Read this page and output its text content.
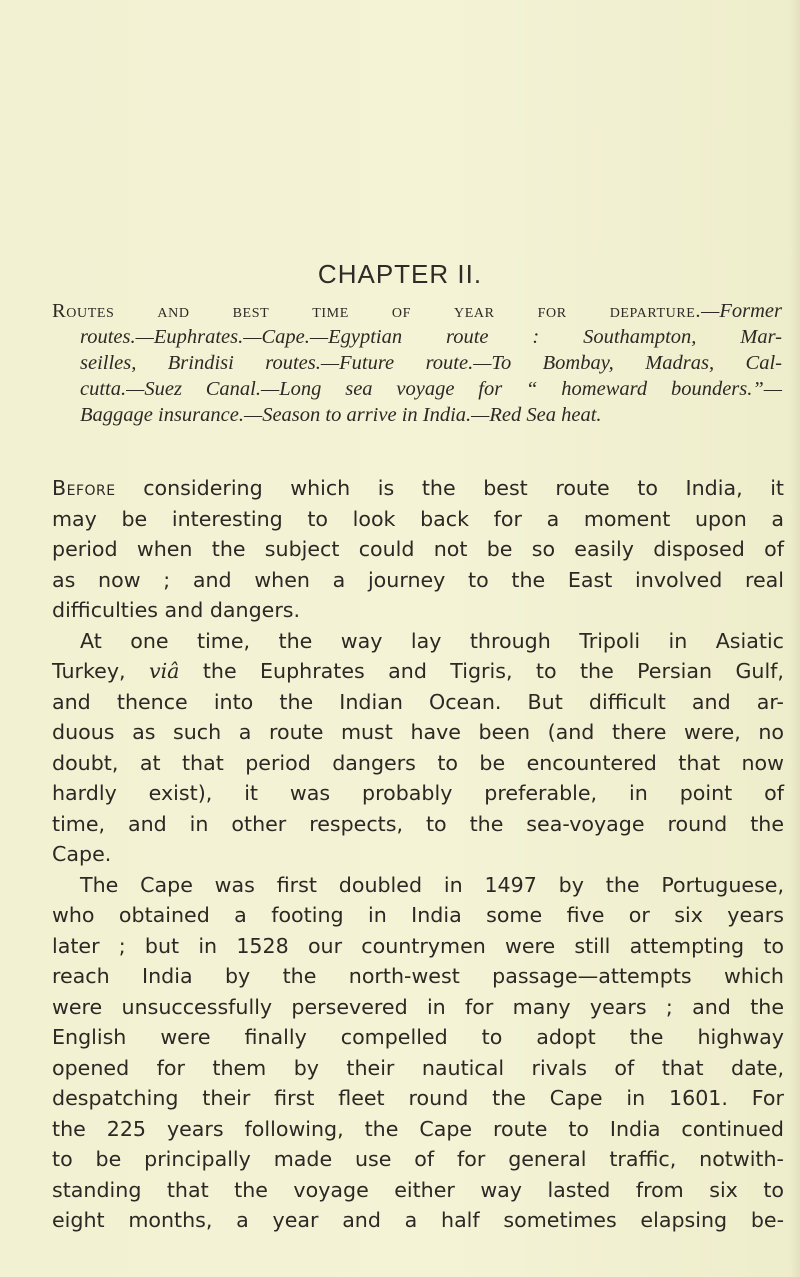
CHAPTER II.
Routes and best time of year for departure.—Former
routes.—Euphrates.—Cape.—Egyptian route : Southampton, Mar-
seilles, Brindisi routes.—Future route.—To Bombay, Madras, Cal-
cutta.—Suez Canal.—Long sea voyage for “ homeward bounders.”—
Baggage insurance.—Season to arrive in India.—Red Sea heat.
Before considering which is the best route to India, it
may be interesting to look back for a moment upon a
period when the subject could not be so easily disposed of
as now ; and when a journey to the East involved real
difficulties and dangers.
At one time, the way lay through Tripoli in Asiatic
Turkey, viâ the Euphrates and Tigris, to the Persian Gulf,
and thence into the Indian Ocean. But difficult and ar-
duous as such a route must have been (and there were, no
doubt, at that period dangers to be encountered that now
hardly exist), it was probably preferable, in point of
time, and in other respects, to the sea-voyage round the
Cape.
The Cape was first doubled in 1497 by the Portuguese,
who obtained a footing in India some five or six years
later ; but in 1528 our countrymen were still attempting to
reach India by the north-west passage—attempts which
were unsuccessfully persevered in for many years ; and the
English were finally compelled to adopt the highway
opened for them by their nautical rivals of that date,
despatching their first fleet round the Cape in 1601. For
the 225 years following, the Cape route to India continued
to be principally made use of for general traffic, notwith-
standing that the voyage either way lasted from six to
eight months, a year and a half sometimes elapsing be-
